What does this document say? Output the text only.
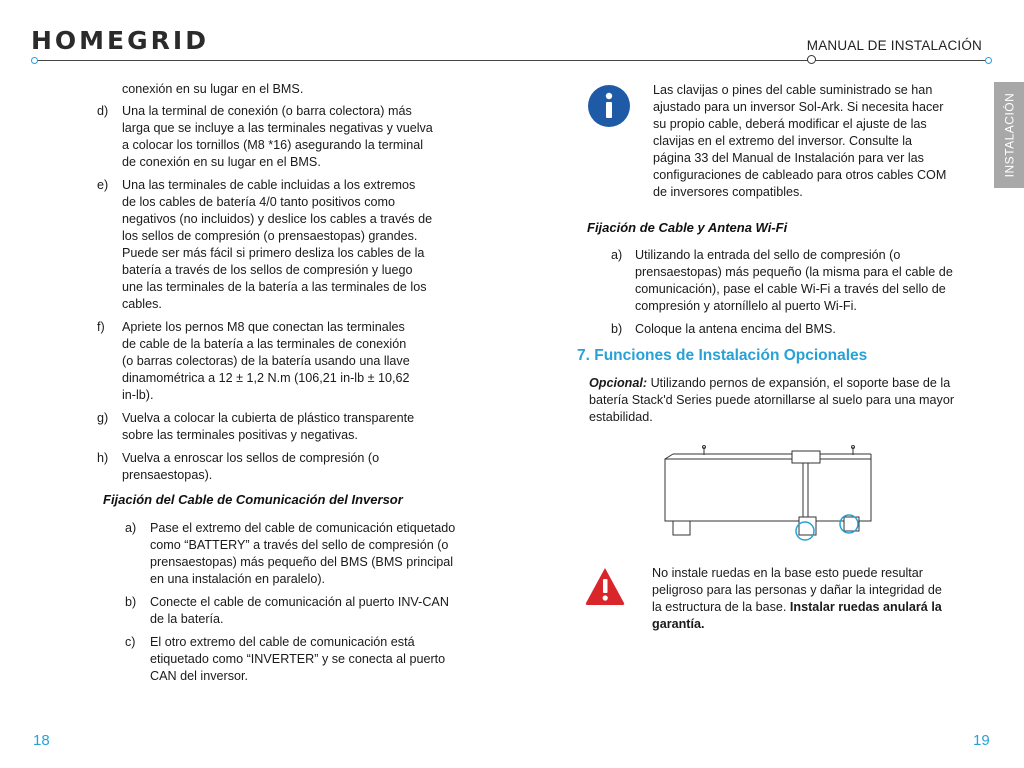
HOMEGRID	MANUAL DE INSTALACIÓN
INSTALACIÓN
conexión en su lugar en el BMS.
d)	Una la terminal de conexión (o barra colectora) más
larga que se incluye a las terminales negativas y vuelva
a colocar los tornillos (M8 *16) asegurando la terminal
de conexión en su lugar en el BMS.
e)	Una las terminales de cable incluidas a los extremos
de los cables de batería 4/0 tanto positivos como
negativos (no incluidos) y deslice los cables a través de
los sellos de compresión (o prensaestopas) grandes.
Puede ser más fácil si primero desliza los cables de la
batería a través de los sellos de compresión y luego
une las terminales de la batería a las terminales de los
cables.
f)	Apriete los pernos M8 que conectan las terminales
de cable de la batería a las terminales de conexión
(o barras colectoras) de la batería usando una llave
dinamométrica a 12 ± 1,2 N.m (106,21 in-lb ± 10,62
in-lb).
g)	Vuelva a colocar la cubierta de plástico transparente
sobre las terminales positivas y negativas.
h)	Vuelva a enroscar los sellos de compresión (o
prensaestopas).
Fijación del Cable de Comunicación del Inversor
a)	Pase el extremo del cable de comunicación etiquetado
como “BATTERY” a través del sello de compresión (o
prensaestopas) más pequeño del BMS (BMS principal
en una instalación en paralelo).
b)	Conecte el cable de comunicación al puerto INV-CAN
de la batería.
c)	El otro extremo del cable de comunicación está
etiquetado como “INVERTER” y se conecta al puerto
CAN del inversor.
18
Las clavijas o pines del cable suministrado se han
ajustado para un inversor Sol-Ark. Si necesita hacer
su propio cable, deberá modificar el ajuste de las
clavijas en el extremo del inversor. Consulte la
página 33 del Manual de Instalación para ver las
configuraciones de cableado para otros cables COM
de inversores compatibles.
Fijación de Cable y Antena Wi-Fi
a)	Utilizando la entrada del sello de compresión (o
prensaestopas) más pequeño (la misma para el cable de
comunicación), pase el cable Wi-Fi a través del sello de
compresión y atorníllelo al puerto Wi-Fi.
b)	Coloque la antena encima del BMS.
7. Funciones de Instalación Opcionales
Opcional: Utilizando pernos de expansión, el soporte base de la
batería Stack'd Series puede atornillarse al suelo para una mayor
estabilidad.
No instale ruedas en la base esto puede resultar
peligroso para las personas y dañar la integridad de
la estructura de la base. Instalar ruedas anulará la
garantía.
19
